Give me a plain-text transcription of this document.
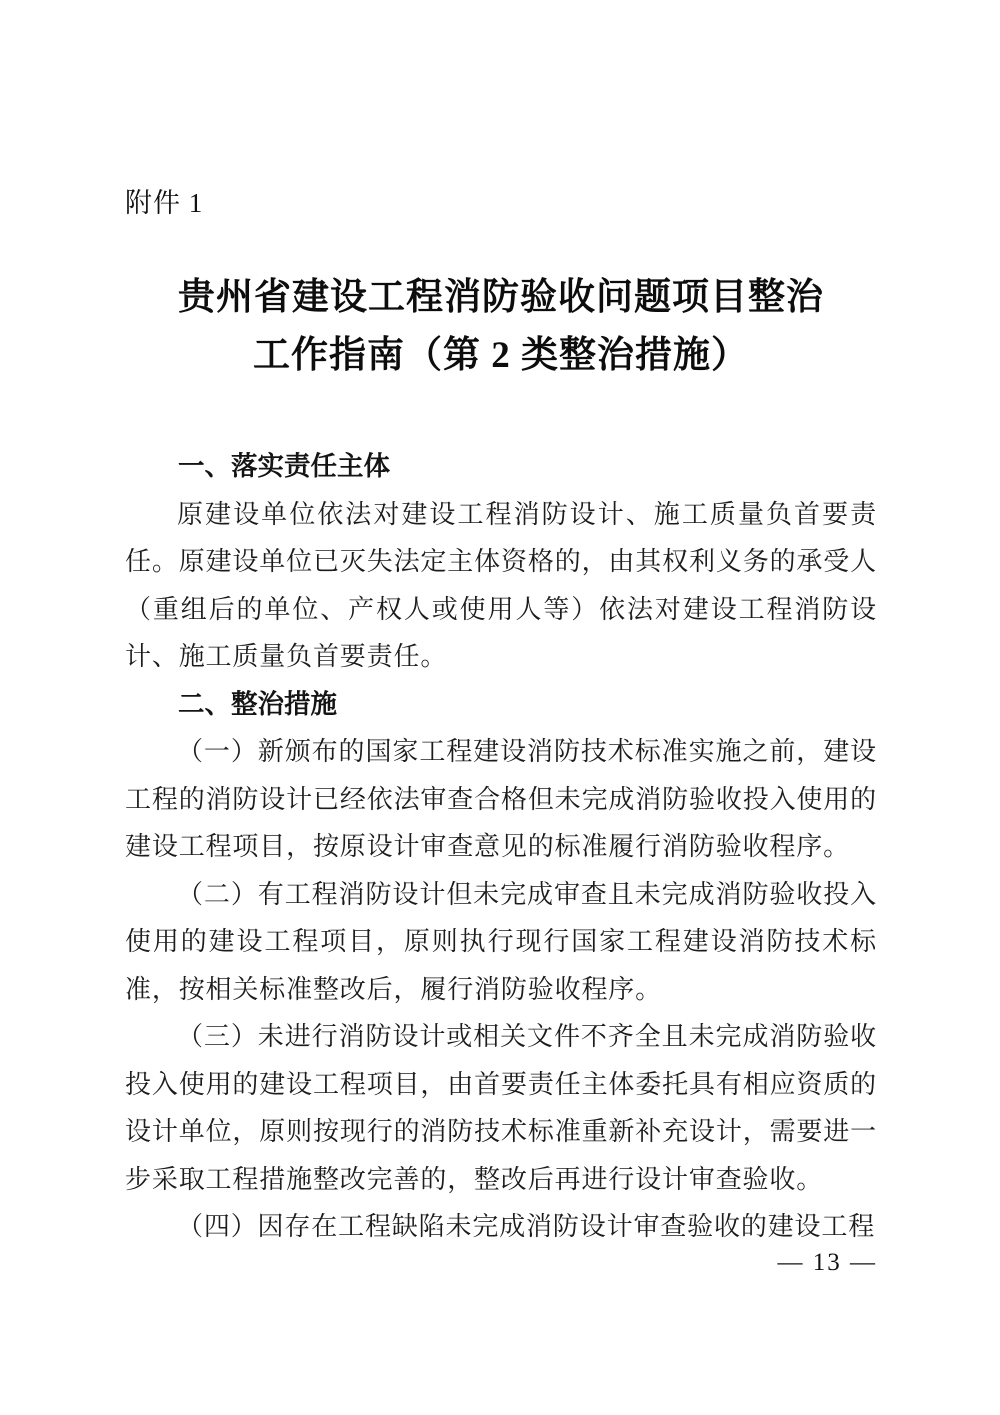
附件 1
贵州省建设工程消防验收问题项目整治
工作指南（第 2 类整治措施）
一、落实责任主体

原建设单位依法对建设工程消防设计、施工质量负首要责任。原建设单位已灭失法定主体资格的，由其权利义务的承受人（重组后的单位、产权人或使用人等）依法对建设工程消防设计、施工质量负首要责任。

二、整治措施

（一）新颁布的国家工程建设消防技术标准实施之前，建设工程的消防设计已经依法审查合格但未完成消防验收投入使用的建设工程项目，按原设计审查意见的标准履行消防验收程序。

（二）有工程消防设计但未完成审查且未完成消防验收投入使用的建设工程项目，原则执行现行国家工程建设消防技术标准，按相关标准整改后，履行消防验收程序。

（三）未进行消防设计或相关文件不齐全且未完成消防验收投入使用的建设工程项目，由首要责任主体委托具有相应资质的设计单位，原则按现行的消防技术标准重新补充设计，需要进一步采取工程措施整改完善的，整改后再进行设计审查验收。

（四）因存在工程缺陷未完成消防设计审查验收的建设工程

— 13 —
